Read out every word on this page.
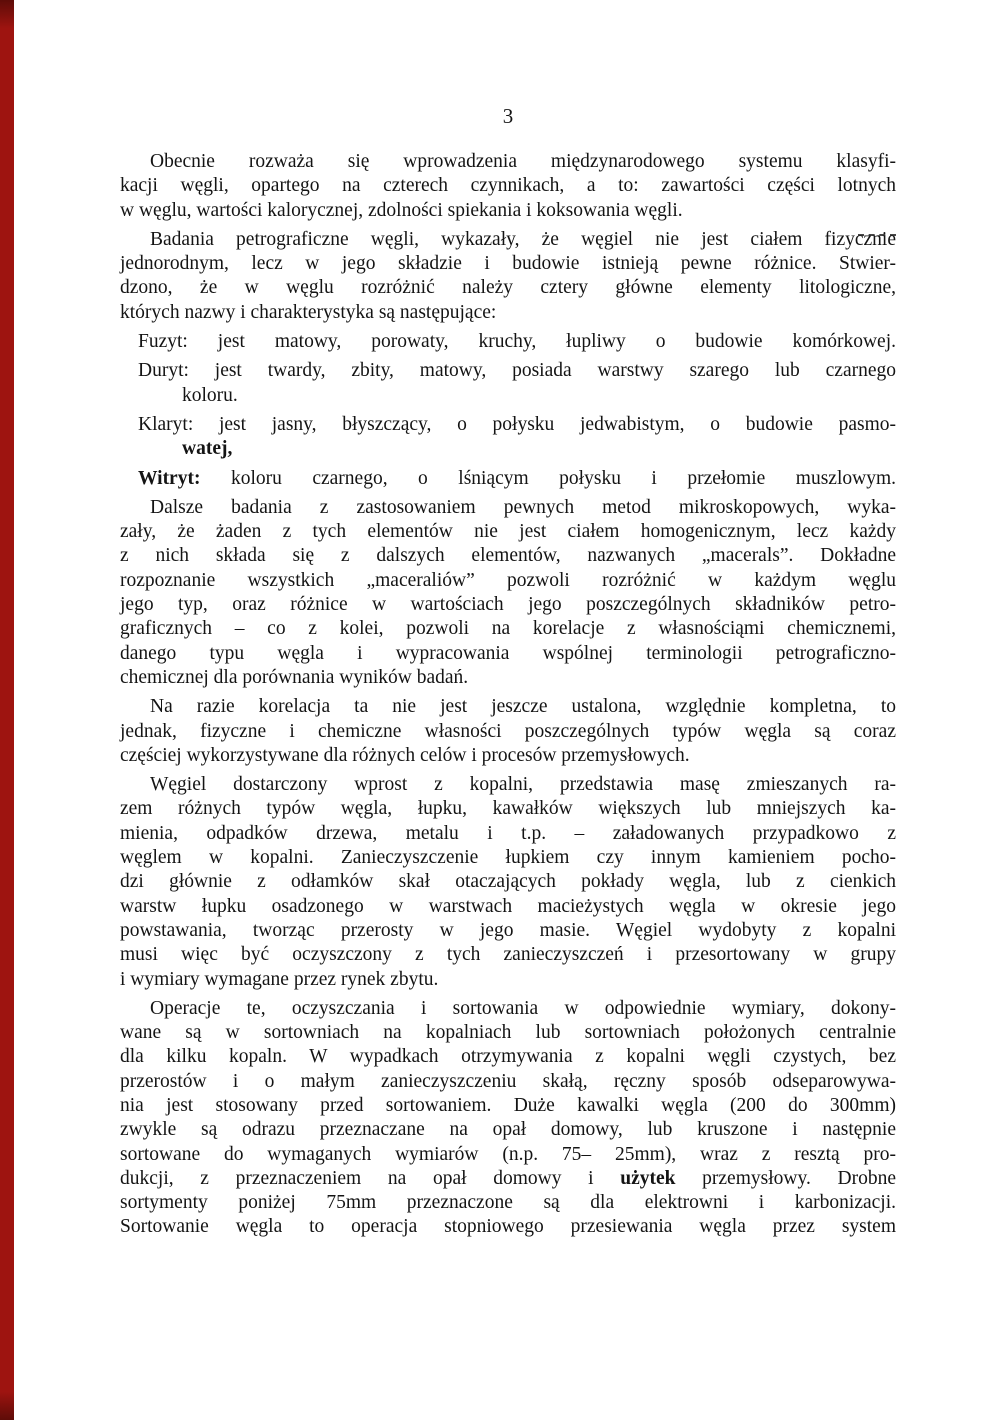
3
Obecnie rozważa się wprowadzenia międzynarodowego systemu klasyfi-
kacji węgli, opartego na czterech czynnikach, a to: zawartości części lotnych
w węglu, wartości kalorycznej, zdolności spiekania i koksowania węgli.
Badania petrograficzne węgli, wykazały, że węgiel nie jest ciałem fizycznie
jednorodnym, lecz w jego składzie i budowie istnieją pewne różnice. Stwier-
dzono, że w węglu rozróżnić należy cztery główne elementy litologiczne,
których nazwy i charakterystyka są następujące:
Fuzyt: jest matowy, porowaty, kruchy, łupliwy o budowie komórkowej.
Duryt: jest twardy, zbity, matowy, posiada warstwy szarego lub czarnego
koloru.
Klaryt: jest jasny, błyszczący, o połysku jedwabistym, o budowie pasmo-
watej,
Witryt: koloru czarnego, o lśniącym połysku i przełomie muszlowym.
Dalsze badania z zastosowaniem pewnych metod mikroskopowych, wyka-
zały, że żaden z tych elementów nie jest ciałem homogenicznym, lecz każdy
z nich składa się z dalszych elementów, nazwanych „macerals”. Dokładne
rozpoznanie wszystkich „maceraliów” pozwoli rozróżnić w każdym węglu
jego typ, oraz różnice w wartościach jego poszczególnych składników petro-
graficznych – co z kolei, pozwoli na korelacje z własnościąmi chemicznemi,
danego typu węgla i wypracowania wspólnej terminologii petrograficzno-
chemicznej dla porównania wyników badań.
Na razie korelacja ta nie jest jeszcze ustalona, względnie kompletna, to
jednak, fizyczne i chemiczne własności poszczególnych typów węgla są coraz
częściej wykorzystywane dla różnych celów i procesów przemysłowych.
Węgiel dostarczony wprost z kopalni, przedstawia masę zmieszanych ra-
zem różnych typów węgla, łupku, kawałków większych lub mniejszych ka-
mienia, odpadków drzewa, metalu i t.p. – załadowanych przypadkowo z
węglem w kopalni. Zanieczyszczenie łupkiem czy innym kamieniem pocho-
dzi głównie z odłamków skał otaczających pokłady węgla, lub z cienkich
warstw łupku osadzonego w warstwach macieżystych węgla w okresie jego
powstawania, tworząc przerosty w jego masie. Węgiel wydobyty z kopalni
musi więc być oczyszczony z tych zanieczyszczeń i przesortowany w grupy
i wymiary wymagane przez rynek zbytu.
Operacje te, oczyszczania i sortowania w odpowiednie wymiary, dokony-
wane są w sortowniach na kopalniach lub sortowniach położonych centralnie
dla kilku kopaln. W wypadkach otrzymywania z kopalni węgli czystych, bez
przerostów i o małym zanieczyszczeniu skałą, ręczny sposób odseparowywa-
nia jest stosowany przed sortowaniem. Duże kawalki węgla (200 do 300mm)
zwykle są odrazu przeznaczane na opał domowy, lub kruszone i następnie
sortowane do wymaganych wymiarów (n.p. 75– 25mm), wraz z resztą pro-
dukcji, z przeznaczeniem na opał domowy i użytek przemysłowy. Drobne
sortymenty poniżej 75mm przeznaczone są dla elektrowni i karbonizacji.
Sortowanie węgla to operacja stopniowego przesiewania węgla przez system
